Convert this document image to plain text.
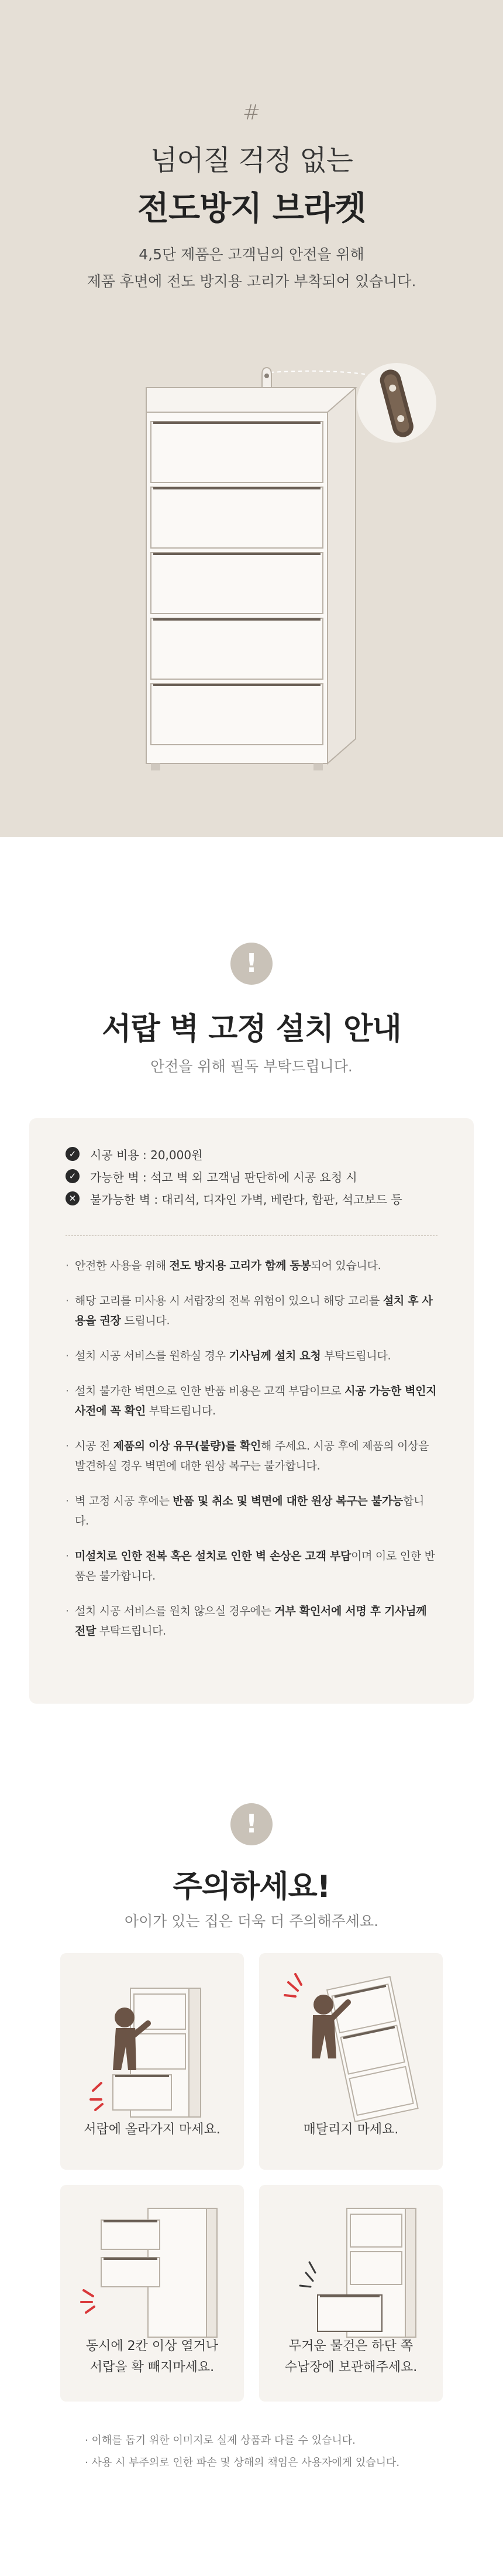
#
넘어질 걱정 없는
전도방지 브라켓
4,5단 제품은 고객님의 안전을 위해
제품 후면에 전도 방지용 고리가 부착되어 있습니다.
!
서랍 벽 고정 설치 안내
안전을 위해 필독 부탁드립니다.
✓ 시공 비용 : 20,000원
✓ 가능한 벽 : 석고 벽 외 고객님 판단하에 시공 요청 시
✕ 불가능한 벽 : 대리석, 디자인 가벽, 베란다, 합판, 석고보드 등
· 안전한 사용을 위해 전도 방지용 고리가 함께 동봉되어 있습니다.
· 해당 고리를 미사용 시 서랍장의 전복 위험이 있으니 해당 고리를 설치 후 사용을 권장 드립니다.
· 설치 시공 서비스를 원하실 경우 기사님께 설치 요청 부탁드립니다.
· 설치 불가한 벽면으로 인한 반품 비용은 고객 부담이므로 시공 가능한 벽인지 사전에 꼭 확인 부탁드립니다.
· 시공 전 제품의 이상 유무(불량)를 확인해 주세요. 시공 후에 제품의 이상을 발견하실 경우 벽면에 대한 원상 복구는 불가합니다.
· 벽 고정 시공 후에는 반품 및 취소 및 벽면에 대한 원상 복구는 불가능합니다.
· 미설치로 인한 전복 혹은 설치로 인한 벽 손상은 고객 부담이며 이로 인한 반품은 불가합니다.
· 설치 시공 서비스를 원치 않으실 경우에는 거부 확인서에 서명 후 기사님께 전달 부탁드립니다.
!
주의하세요!
아이가 있는 집은 더욱 더 주의해주세요.
서랍에 올라가지 마세요.	매달리지 마세요.
동시에 2칸 이상 열거나
서랍을 확 빼지마세요.
무거운 물건은 하단 쪽
수납장에 보관해주세요.
· 이해를 돕기 위한 이미지로 실제 상품과 다를 수 있습니다.
· 사용 시 부주의로 인한 파손 및 상해의 책임은 사용자에게 있습니다.
